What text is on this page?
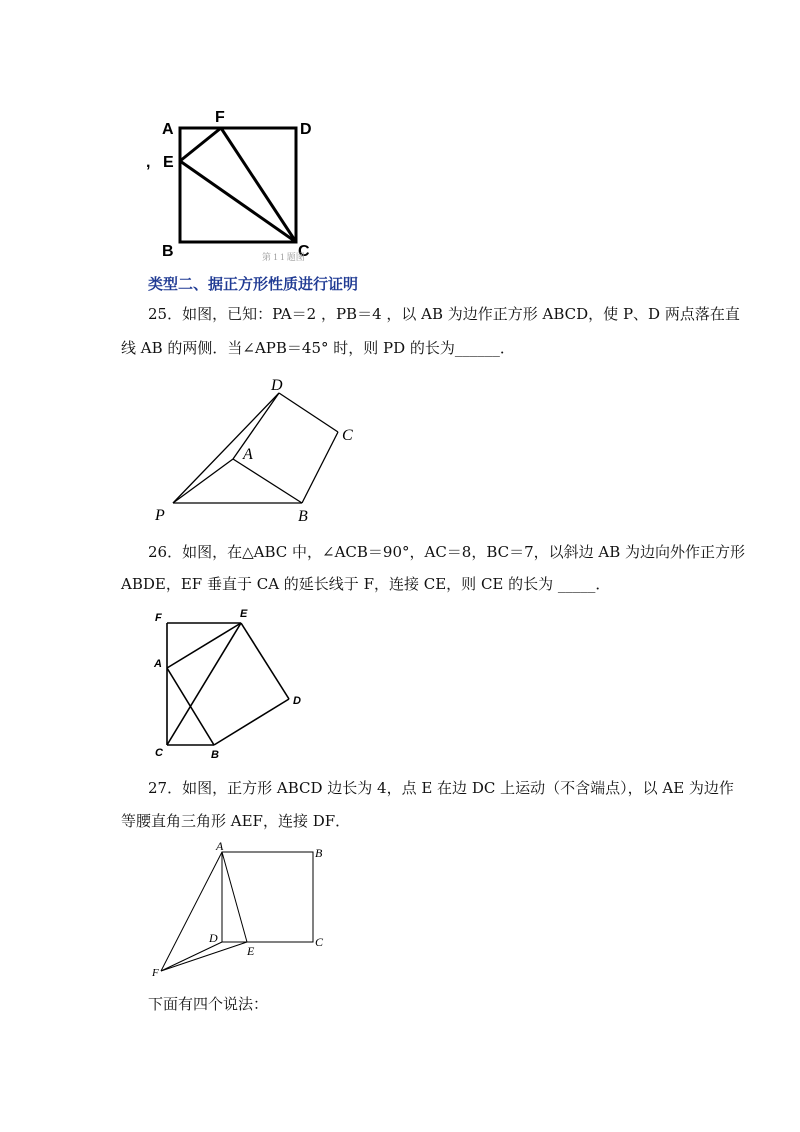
A
F
D
, E
B	C
第 1 1 题图
类型二、据正方形性质进行证明
25．如图，已知：PA＝2 ，PB＝4 ，以 AB 为边作正方形 ABCD，使 P、D 两点落在直
线 AB 的两侧．当∠APB＝45° 时，则 PD 的长为______．
D
C
A
P	B
26．如图，在△ABC 中，∠ACB＝90°，AC＝8，BC＝7，以斜边 AB 为边向外作正方形
ABDE，EF 垂直于 CA 的延长线于 F，连接 CE，则 CE 的长为 _____．
F	E
A
D
C	B
27．如图，正方形 ABCD 边长为 4，点 E 在边 DC 上运动（不含端点），以 AE 为边作
等腰直角三角形 AEF，连接 DF．
A	B
D
E
C
F
下面有四个说法：
